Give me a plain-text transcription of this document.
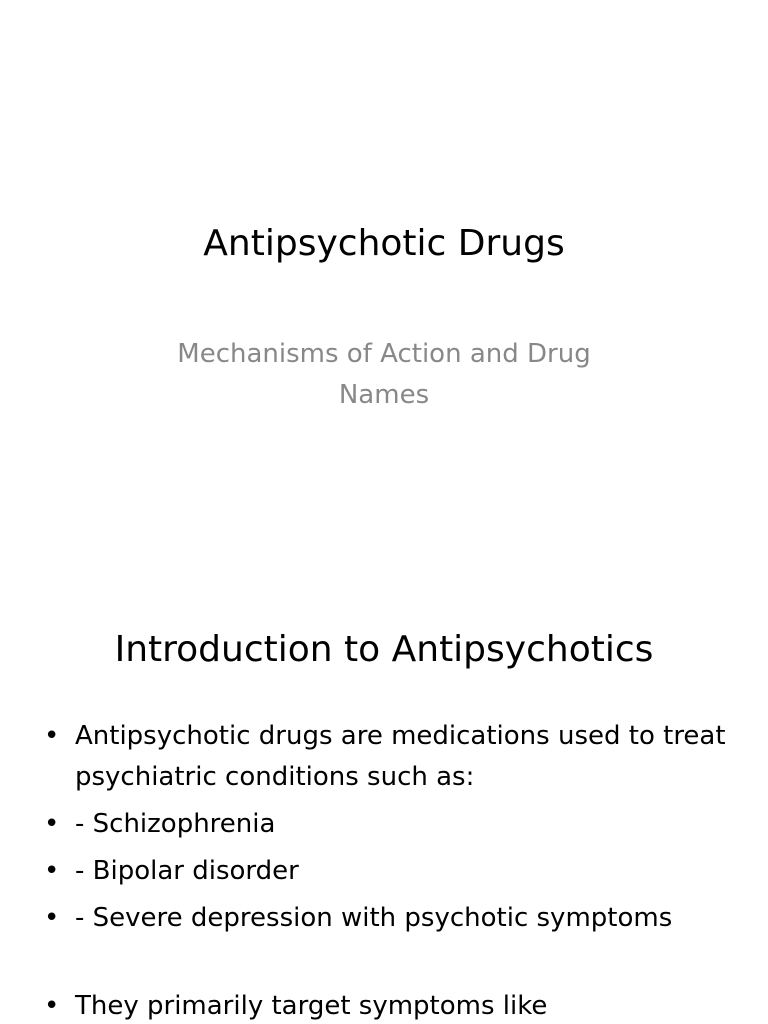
Antipsychotic Drugs
Mechanisms of Action and Drug Names
Introduction to Antipsychotics
• Antipsychotic drugs are medications used to treat psychiatric conditions such as:
• - Schizophrenia
• - Bipolar disorder
• - Severe depression with psychotic symptoms
• They primarily target symptoms like
